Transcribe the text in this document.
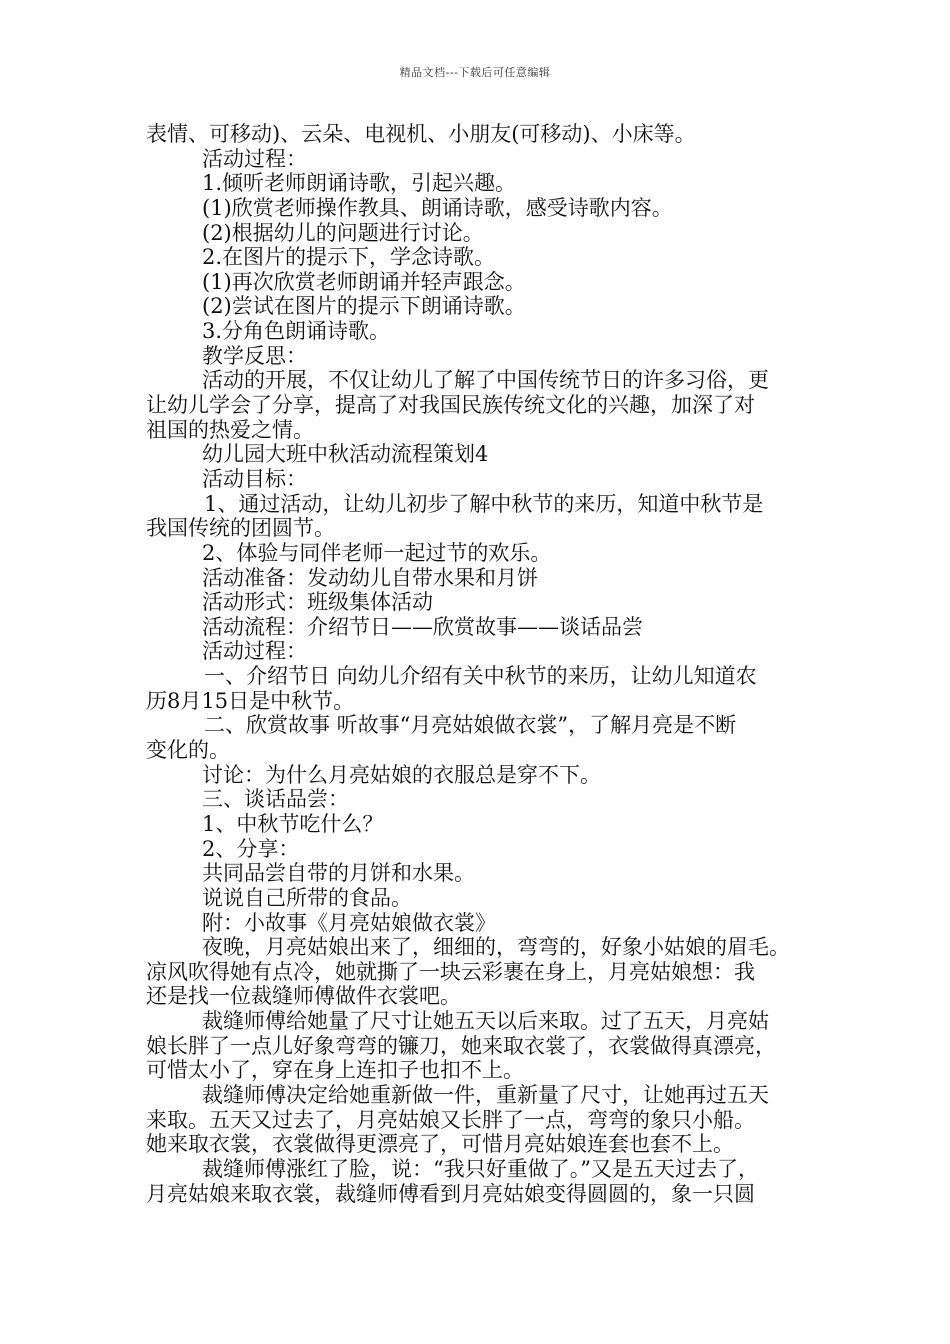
精品文档---下载后可任意编辑
表情、可移动)、云朵、电视机、小朋友(可移动)、小床等。
活动过程：
1.倾听老师朗诵诗歌，引起兴趣。
(1)欣赏老师操作教具、朗诵诗歌，感受诗歌内容。
(2)根据幼儿的问题进行讨论。
2.在图片的提示下，学念诗歌。
(1)再次欣赏老师朗诵并轻声跟念。
(2)尝试在图片的提示下朗诵诗歌。
3.分角色朗诵诗歌。
教学反思：
活动的开展，不仅让幼儿了解了中国传统节日的许多习俗，更
让幼儿学会了分享，提高了对我国民族传统文化的兴趣，加深了对
祖国的热爱之情。
幼儿园大班中秋活动流程策划4
活动目标：
1、通过活动，让幼儿初步了解中秋节的来历，知道中秋节是
我国传统的团圆节。
2、体验与同伴老师一起过节的欢乐。
活动准备：发动幼儿自带水果和月饼
活动形式：班级集体活动
活动流程：介绍节日——欣赏故事——谈话品尝
活动过程：
一、介绍节日 向幼儿介绍有关中秋节的来历，让幼儿知道农
历8月15日是中秋节。
二、欣赏故事 听故事“月亮姑娘做衣裳”，了解月亮是不断
变化的。
讨论：为什么月亮姑娘的衣服总是穿不下。
三、谈话品尝：
1、中秋节吃什么？
2、分享：
共同品尝自带的月饼和水果。
说说自己所带的食品。
附：小故事《月亮姑娘做衣裳》
夜晚，月亮姑娘出来了，细细的，弯弯的，好象小姑娘的眉毛。
凉风吹得她有点冷，她就撕了一块云彩裹在身上，月亮姑娘想：我
还是找一位裁缝师傅做件衣裳吧。
裁缝师傅给她量了尺寸让她五天以后来取。过了五天，月亮姑
娘长胖了一点儿好象弯弯的镰刀，她来取衣裳了，衣裳做得真漂亮，
可惜太小了，穿在身上连扣子也扣不上。
裁缝师傅决定给她重新做一件，重新量了尺寸，让她再过五天
来取。五天又过去了，月亮姑娘又长胖了一点，弯弯的象只小船。
她来取衣裳，衣裳做得更漂亮了，可惜月亮姑娘连套也套不上。
裁缝师傅涨红了脸，说：“我只好重做了。”又是五天过去了，
月亮姑娘来取衣裳，裁缝师傅看到月亮姑娘变得圆圆的，象一只圆
